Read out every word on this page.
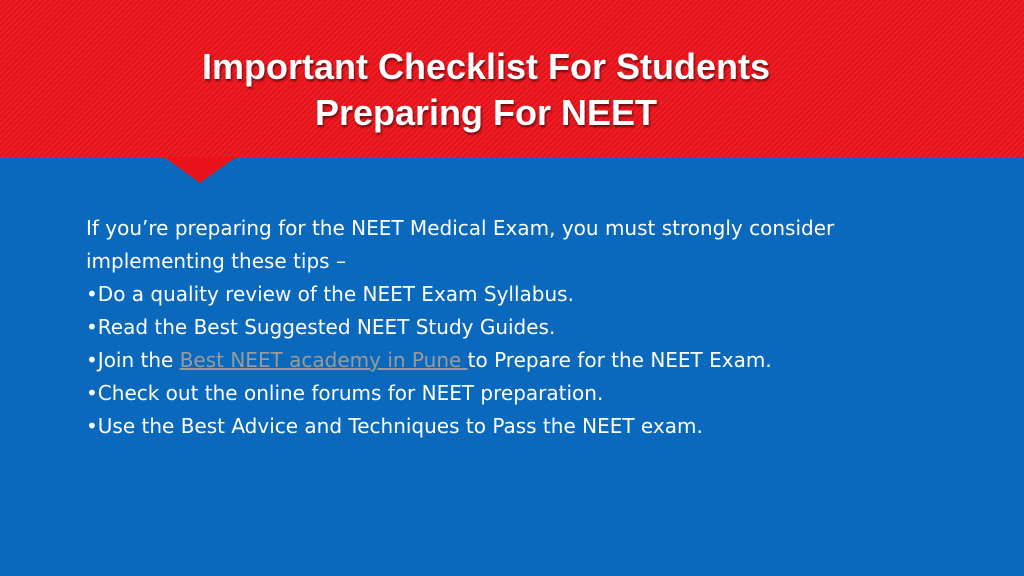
Important Checklist For Students
Preparing For NEET

If you’re preparing for the NEET Medical Exam, you must strongly consider

implementing these tips –

•Do a quality review of the NEET Exam Syllabus.

•Read the Best Suggested NEET Study Guides.

•Join the Best NEET academy in Pune to Prepare for the NEET Exam.

•Check out the online forums for NEET preparation.

•Use the Best Advice and Techniques to Pass the NEET exam.
